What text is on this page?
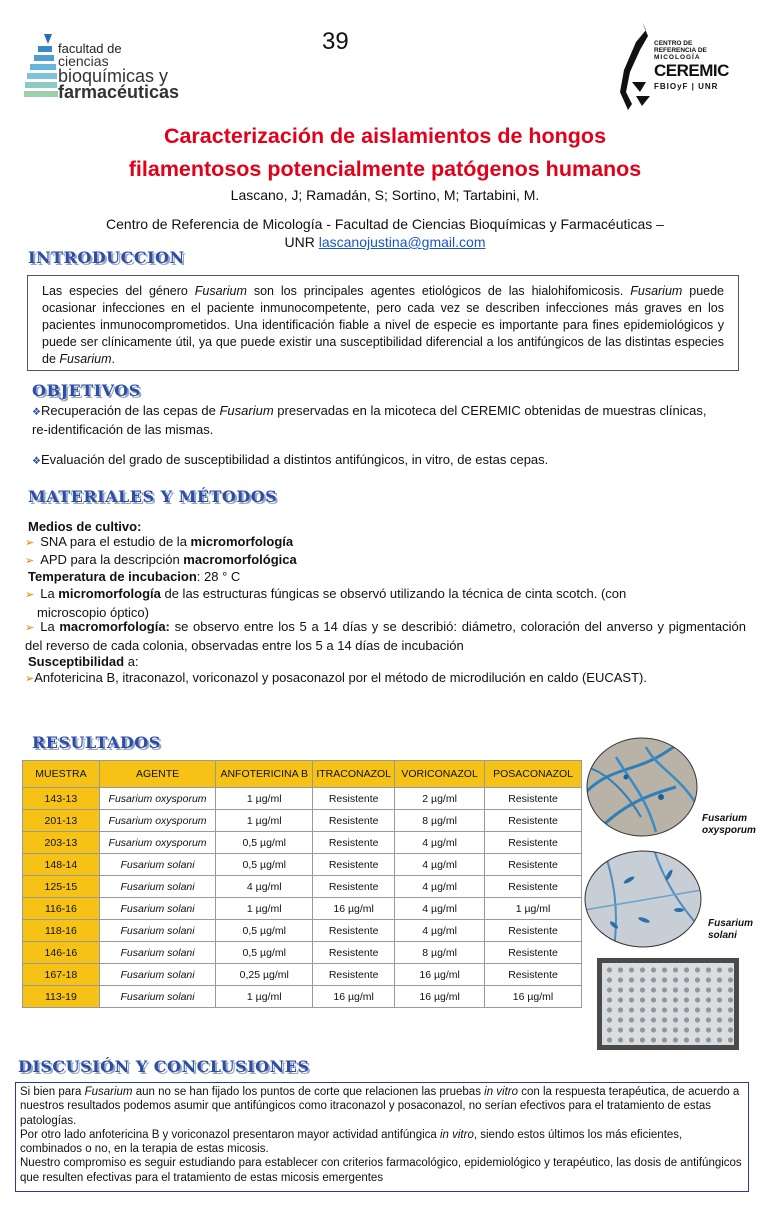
39
facultad de
ciencias
bioquímicas y
farmacéuticas
CENTRO DE
REFERENCIA DE
MICOLOGÍA
CEREMIC
FBIOyF | UNR
Caracterización de aislamientos de hongos
filamentosos potencialmente patógenos humanos
Lascano, J; Ramadán, S; Sortino, M; Tartabini, M.
Centro de Referencia de Micología - Facultad de Ciencias Bioquímicas y Farmacéuticas –
UNR lascanojustina@gmail.com
INTRODUCCION
Las especies del género Fusarium son los principales agentes etiológicos de las hialohifomicosis. Fusarium puede ocasionar infecciones en el paciente inmunocompetente, pero cada vez se describen infecciones más graves en los pacientes inmunocomprometidos. Una identificación fiable a nivel de especie es importante para fines epidemiológicos y puede ser clínicamente útil, ya que puede existir una susceptibilidad diferencial a los antifúngicos de las distintas especies de Fusarium.
OBJETIVOS
❖Recuperación de las cepas de Fusarium preservadas en la micoteca del CEREMIC obtenidas de muestras clínicas, re-identificación de las mismas.
❖Evaluación del grado de susceptibilidad a distintos antifúngicos, in vitro, de estas cepas.
MATERIALES Y MÉTODOS
Medios de cultivo:
➢ SNA para el estudio de la micromorfología
➢ APD para la descripción macromorfológica
Temperatura de incubacion: 28 ° C
➢ La micromorfología de las estructuras fúngicas se observó utilizando la técnica de cinta scotch. (con
microscopio óptico)
➢ La macromorfología: se observo entre los 5 a 14 días y se describió: diámetro, coloración del anverso y pigmentación del reverso de cada colonia, observadas entre los 5 a 14 días de incubación
Susceptibilidad a:
➢Anfotericina B, itraconazol, voriconazol y posaconazol por el método de microdilución en caldo (EUCAST).
RESULTADOS
MUESTRA	AGENTE	ANFOTERICINA B	ITRACONAZOL	VORICONAZOL	POSACONAZOL
143-13	Fusarium oxysporum	1 µg/ml	Resistente	2 µg/ml	Resistente
201-13	Fusarium oxysporum	1 µg/ml	Resistente	8 µg/ml	Resistente
203-13	Fusarium oxysporum	0,5 µg/ml	Resistente	4 µg/ml	Resistente
148-14	Fusarium solani	0,5 µg/ml	Resistente	4 µg/ml	Resistente
125-15	Fusarium solani	4 µg/ml	Resistente	4 µg/ml	Resistente
116-16	Fusarium solani	1 µg/ml	16 µg/ml	4 µg/ml	1 µg/ml
118-16	Fusarium solani	0,5 µg/ml	Resistente	4 µg/ml	Resistente
146-16	Fusarium solani	0,5 µg/ml	Resistente	8 µg/ml	Resistente
167-18	Fusarium solani	0,25 µg/ml	Resistente	16 µg/ml	Resistente
113-19	Fusarium solani	1 µg/ml	16 µg/ml	16 µg/ml	16 µg/ml
Fusarium
oxysporum
Fusarium
solani
DISCUSIÓN Y CONCLUSIONES
Si bien para Fusarium aun no se han fijado los puntos de corte que relacionen las pruebas in vitro con la respuesta terapéutica, de acuerdo a nuestros resultados podemos asumir que antifúngicos como itraconazol y posaconazol, no serían efectivos para el tratamiento de estas patologías.
Por otro lado anfotericina B y voriconazol presentaron mayor actividad antifúngica in vitro, siendo estos últimos los más eficientes, combinados o no, en la terapia de estas micosis.
Nuestro compromiso es seguir estudiando para establecer con criterios farmacológico, epidemiológico y terapéutico, las dosis de antifúngicos que resulten efectivas para el tratamiento de estas micosis emergentes
